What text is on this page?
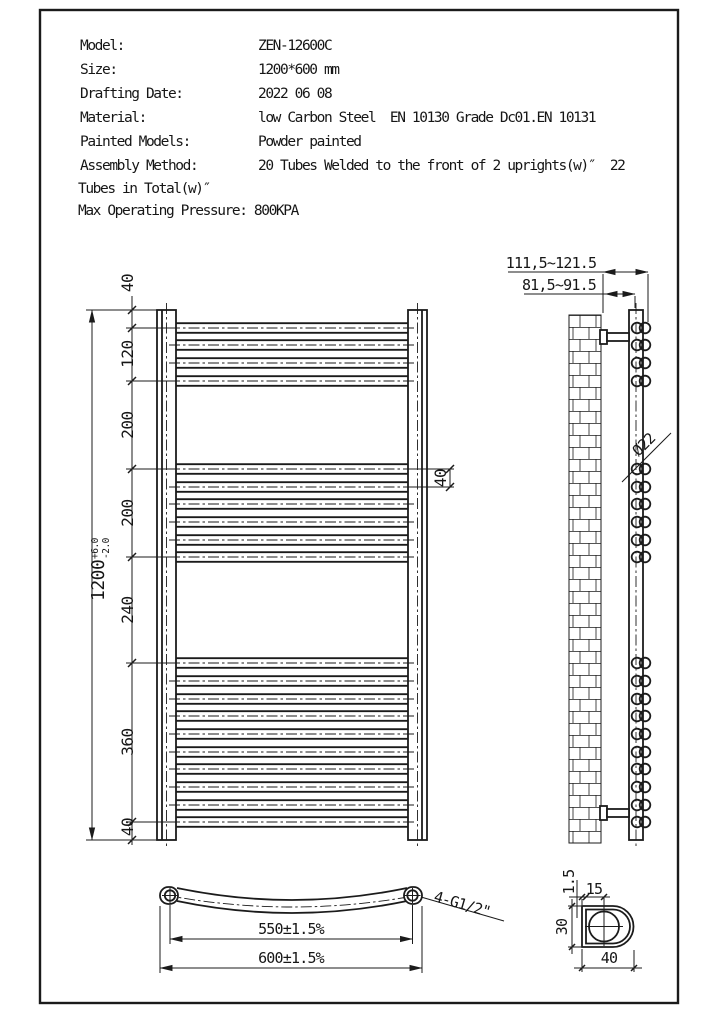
1200
+6.0 -2.0
40
120
200
200
240
360
40
40
111,5~121.5
81,5~91.5
Ø22
550±1.5%
600±1.5%
4-G1/2"
1.5 15
30
40
Model:	ZEN-12600C
Size:	1200*600 mm
Drafting Date:	2022 06 08
Material:	low Carbon Steel  EN 10130 Grade Dc01.EN 10131
Painted Models:	Powder painted
Assembly Method:	20 Tubes Welded to the front of 2 uprights(w)″  22
Tubes in Total(w)″
Max Operating Pressure: 800KPA
